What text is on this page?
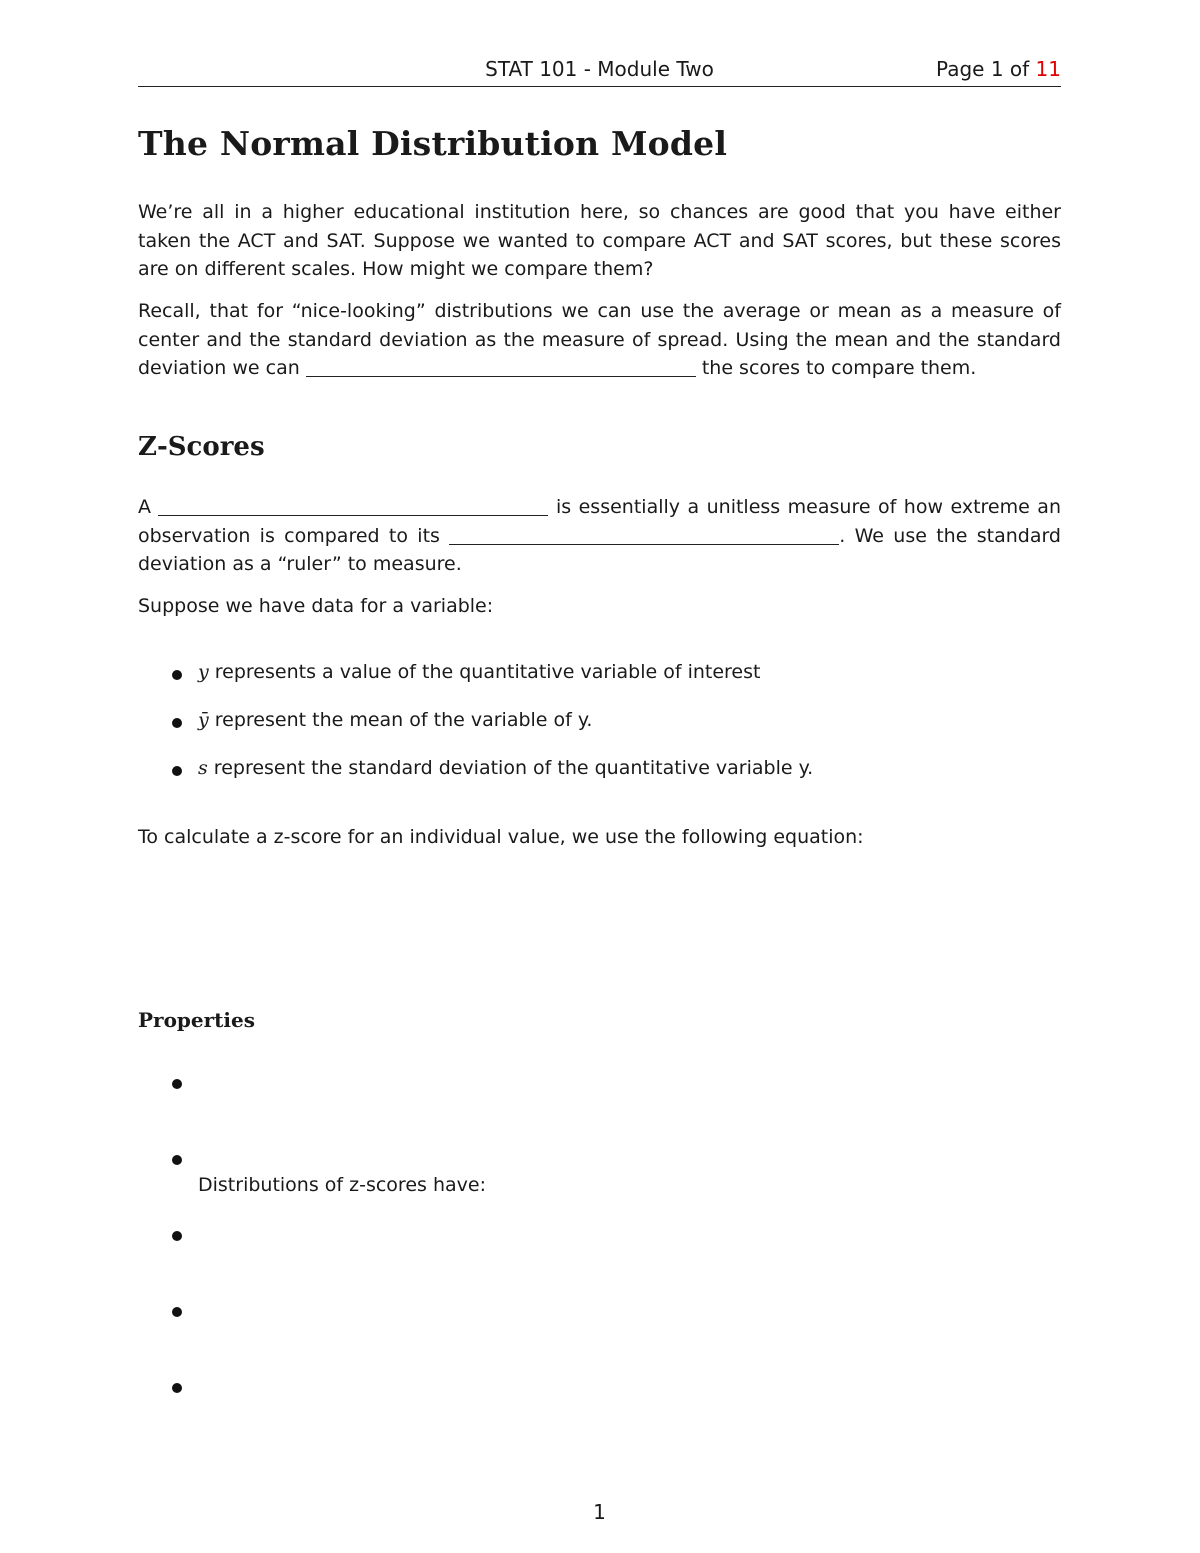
STAT 101 - Module Two	Page 1 of 11
The Normal Distribution Model

We’re all in a higher educational institution here, so chances are good that you have either taken the ACT and SAT. Suppose we wanted to compare ACT and SAT scores, but these scores are on different scales. How might we compare them?

Recall, that for “nice-looking” distributions we can use the average or mean as a measure of center and the standard deviation as the measure of spread. Using the mean and the standard deviation we can	the scores to compare them.

Z-Scores

A	is essentially a unitless measure of how extreme an observation is compared to its	. We use the standard deviation as a “ruler” to measure.

Suppose we have data for a variable:

y represents a value of the quantitative variable of interest
ȳ represent the mean of the variable of y.
s represent the standard deviation of the quantitative variable y.

To calculate a z-score for an individual value, we use the following equation:

Properties
Distributions of z-scores have:
1
